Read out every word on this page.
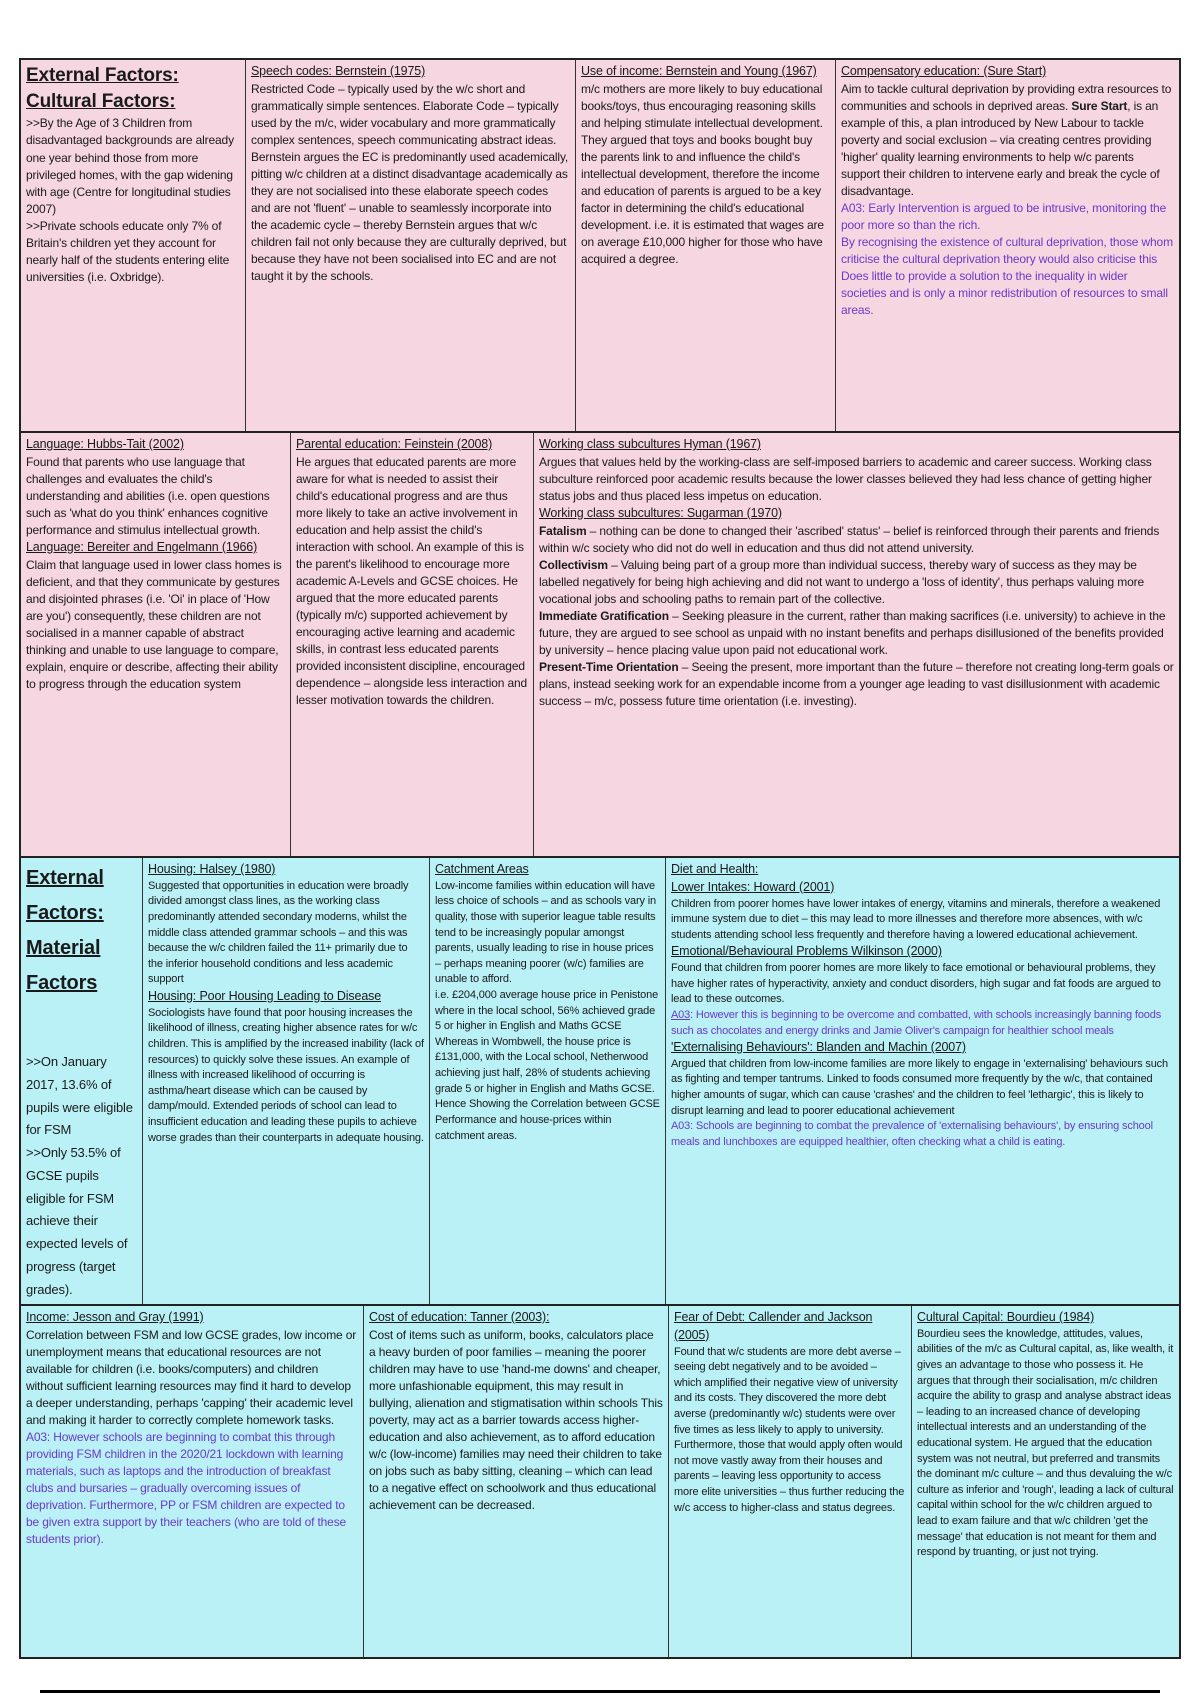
External Factors: Cultural Factors:

>>By the Age of 3 Children from disadvantaged backgrounds are already one year behind those from more privileged homes, with the gap widening with age (Centre for longitudinal studies 2007)

>>Private schools educate only 7% of Britain's children yet they account for nearly half of the students entering elite universities (i.e. Oxbridge).

Speech codes: Bernstein (1975)

Restricted Code – typically used by the w/c short and grammatically simple sentences. Elaborate Code – typically used by the m/c, wider vocabulary and more grammatically complex sentences, speech communicating abstract ideas. Bernstein argues the EC is predominantly used academically, pitting w/c children at a distinct disadvantage academically as they are not socialised into these elaborate speech codes and are not 'fluent' – unable to seamlessly incorporate into the academic cycle – thereby Bernstein argues that w/c children fail not only because they are culturally deprived, but because they have not been socialised into EC and are not taught it by the schools.

Use of income: Bernstein and Young (1967)

m/c mothers are more likely to buy educational books/toys, thus encouraging reasoning skills and helping stimulate intellectual development. They argued that toys and books bought buy the parents link to and influence the child's intellectual development, therefore the income and education of parents is argued to be a key factor in determining the child's educational development. i.e. it is estimated that wages are on average £10,000 higher for those who have acquired a degree.

Compensatory education: (Sure Start)

Aim to tackle cultural deprivation by providing extra resources to communities and schools in deprived areas. Sure Start, is an example of this, a plan introduced by New Labour to tackle poverty and social exclusion – via creating centres providing 'higher' quality learning environments to help w/c parents support their children to intervene early and break the cycle of disadvantage.

A03: Early Intervention is argued to be intrusive, monitoring the poor more so than the rich.

By recognising the existence of cultural deprivation, those whom criticise the cultural deprivation theory would also criticise this Does little to provide a solution to the inequality in wider societies and is only a minor redistribution of resources to small areas.

Language: Hubbs-Tait (2002)

Found that parents who use language that challenges and evaluates the child's understanding and abilities (i.e. open questions such as 'what do you think' enhances cognitive performance and stimulus intellectual growth.

Language: Bereiter and Engelmann (1966)

Claim that language used in lower class homes is deficient, and that they communicate by gestures and disjointed phrases (i.e. 'Oi' in place of 'How are you') consequently, these children are not socialised in a manner capable of abstract thinking and unable to use language to compare, explain, enquire or describe, affecting their ability to progress through the education system

Parental education: Feinstein (2008)

He argues that educated parents are more aware for what is needed to assist their child's educational progress and are thus more likely to take an active involvement in education and help assist the child's interaction with school. An example of this is the parent's likelihood to encourage more academic A-Levels and GCSE choices. He argued that the more educated parents (typically m/c) supported achievement by encouraging active learning and academic skills, in contrast less educated parents provided inconsistent discipline, encouraged dependence – alongside less interaction and lesser motivation towards the children.

Working class subcultures Hyman (1967)

Argues that values held by the working-class are self-imposed barriers to academic and career success. Working class subculture reinforced poor academic results because the lower classes believed they had less chance of getting higher status jobs and thus placed less impetus on education.

Working class subcultures: Sugarman (1970)

Fatalism – nothing can be done to changed their 'ascribed' status' – belief is reinforced through their parents and friends within w/c society who did not do well in education and thus did not attend university.

Collectivism – Valuing being part of a group more than individual success, thereby wary of success as they may be labelled negatively for being high achieving and did not want to undergo a 'loss of identity', thus perhaps valuing more vocational jobs and schooling paths to remain part of the collective.

Immediate Gratification – Seeking pleasure in the current, rather than making sacrifices (i.e. university) to achieve in the future, they are argued to see school as unpaid with no instant benefits and perhaps disillusioned of the benefits provided by university – hence placing value upon paid not educational work.

Present-Time Orientation – Seeing the present, more important than the future – therefore not creating long-term goals or plans, instead seeking work for an expendable income from a younger age leading to vast disillusionment with academic success – m/c, possess future time orientation (i.e. investing).

External
Factors:
Material
Factors

>>On January 2017, 13.6% of pupils were eligible for FSM

>>Only 53.5% of GCSE pupils eligible for FSM achieve their expected levels of progress (target grades).

Housing: Halsey (1980)

Suggested that opportunities in education were broadly divided amongst class lines, as the working class predominantly attended secondary moderns, whilst the middle class attended grammar schools – and this was because the w/c children failed the 11+ primarily due to the inferior household conditions and less academic support

Housing: Poor Housing Leading to Disease

Sociologists have found that poor housing increases the likelihood of illness, creating higher absence rates for w/c children. This is amplified by the increased inability (lack of resources) to quickly solve these issues. An example of illness with increased likelihood of occurring is asthma/heart disease which can be caused by damp/mould. Extended periods of school can lead to insufficient education and leading these pupils to achieve worse grades than their counterparts in adequate housing.

Catchment Areas

Low-income families within education will have less choice of schools – and as schools vary in quality, those with superior league table results tend to be increasingly popular amongst parents, usually leading to rise in house prices – perhaps meaning poorer (w/c) families are unable to afford.

i.e. £204,000 average house price in Penistone where in the local school, 56% achieved grade 5 or higher in English and Maths GCSE Whereas in Wombwell, the house price is £131,000, with the Local school, Netherwood achieving just half, 28% of students achieving grade 5 or higher in English and Maths GCSE. Hence Showing the Correlation between GCSE Performance and house-prices within catchment areas.

Diet and Health:
Lower Intakes: Howard (2001)

Children from poorer homes have lower intakes of energy, vitamins and minerals, therefore a weakened immune system due to diet – this may lead to more illnesses and therefore more absences, with w/c students attending school less frequently and therefore having a lowered educational achievement.

Emotional/Behavioural Problems Wilkinson (2000)

Found that children from poorer homes are more likely to face emotional or behavioural problems, they have higher rates of hyperactivity, anxiety and conduct disorders, high sugar and fat foods are argued to lead to these outcomes.

A03: However this is beginning to be overcome and combatted, with schools increasingly banning foods such as chocolates and energy drinks and Jamie Oliver's campaign for healthier school meals

'Externalising Behaviours': Blanden and Machin (2007)

Argued that children from low-income families are more likely to engage in 'externalising' behaviours such as fighting and temper tantrums. Linked to foods consumed more frequently by the w/c, that contained higher amounts of sugar, which can cause 'crashes' and the children to feel 'lethargic', this is likely to disrupt learning and lead to poorer educational achievement

A03: Schools are beginning to combat the prevalence of 'externalising behaviours', by ensuring school meals and lunchboxes are equipped healthier, often checking what a child is eating.

Income: Jesson and Gray (1991)

Correlation between FSM and low GCSE grades, low income or unemployment means that educational resources are not available for children (i.e. books/computers) and children without sufficient learning resources may find it hard to develop a deeper understanding, perhaps 'capping' their academic level and making it harder to correctly complete homework tasks.

A03: However schools are beginning to combat this through providing FSM children in the 2020/21 lockdown with learning materials, such as laptops and the introduction of breakfast clubs and bursaries – gradually overcoming issues of deprivation. Furthermore, PP or FSM children are expected to be given extra support by their teachers (who are told of these students prior).

Cost of education: Tanner (2003):

Cost of items such as uniform, books, calculators place a heavy burden of poor families – meaning the poorer children may have to use 'hand-me downs' and cheaper, more unfashionable equipment, this may result in bullying, alienation and stigmatisation within schools This poverty, may act as a barrier towards access higher-education and also achievement, as to afford education w/c (low-income) families may need their children to take on jobs such as baby sitting, cleaning – which can lead to a negative effect on schoolwork and thus educational achievement can be decreased.

Fear of Debt: Callender and Jackson (2005)

Found that w/c students are more debt averse – seeing debt negatively and to be avoided – which amplified their negative view of university and its costs. They discovered the more debt averse (predominantly w/c) students were over five times as less likely to apply to university. Furthermore, those that would apply often would not move vastly away from their houses and parents – leaving less opportunity to access more elite universities – thus further reducing the w/c access to higher-class and status degrees.

Cultural Capital: Bourdieu (1984)

Bourdieu sees the knowledge, attitudes, values, abilities of the m/c as Cultural capital, as, like wealth, it gives an advantage to those who possess it. He argues that through their socialisation, m/c children acquire the ability to grasp and analyse abstract ideas – leading to an increased chance of developing intellectual interests and an understanding of the educational system. He argued that the education system was not neutral, but preferred and transmits the dominant m/c culture – and thus devaluing the w/c culture as inferior and 'rough', leading a lack of cultural capital within school for the w/c children argued to lead to exam failure and that w/c children 'get the message' that education is not meant for them and respond by truanting, or just not trying.
